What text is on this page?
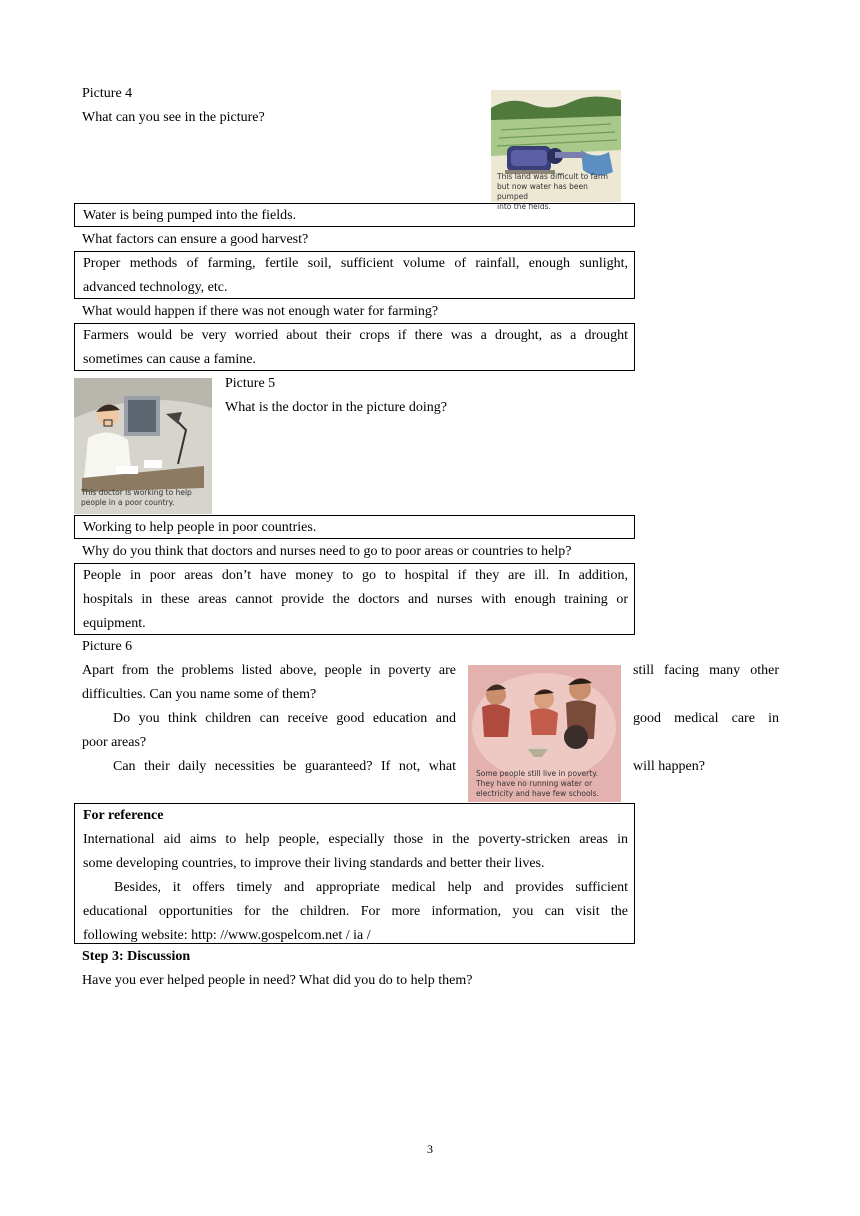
Picture 4
What can you see in the picture?
This land was difficult to farm
but now water has been pumped
into the fields.
Water is being pumped into the fields.
What factors can ensure a good harvest?
Proper methods of farming, fertile soil, sufficient volume of rainfall, enough sunlight,
advanced technology, etc.
What would happen if there was not enough water for farming?
Farmers would be very worried about their crops if there was a drought, as a drought
sometimes can cause a famine.
This doctor is working to help
people in a poor country.
Picture 5
What is the doctor in the picture doing?
Working to help people in poor countries.
Why do you think that doctors and nurses need to go to poor areas or countries to help?
People in poor areas don’t have money to go to hospital if they are ill. In addition,
hospitals in these areas cannot provide the doctors and nurses with enough training or
equipment.
Picture 6
Apart from the problems listed above, people in poverty are	still facing many other
difficulties. Can you name some of them?
Do you think children can receive good education and	good medical care in
poor areas?
Can their daily necessities be guaranteed? If not, what	will happen?
Some people still live in poverty.
They have no running water or
electricity and have few schools.
For reference
International aid aims to help people, especially those in the poverty-stricken areas in
some developing countries, to improve their living standards and better their lives.
Besides, it offers timely and appropriate medical help and provides sufficient
educational opportunities for the children. For more information, you can visit the
following website: http: //www.gospelcom.net / ia /
Step 3: Discussion
Have you ever helped people in need? What did you do to help them?
3
